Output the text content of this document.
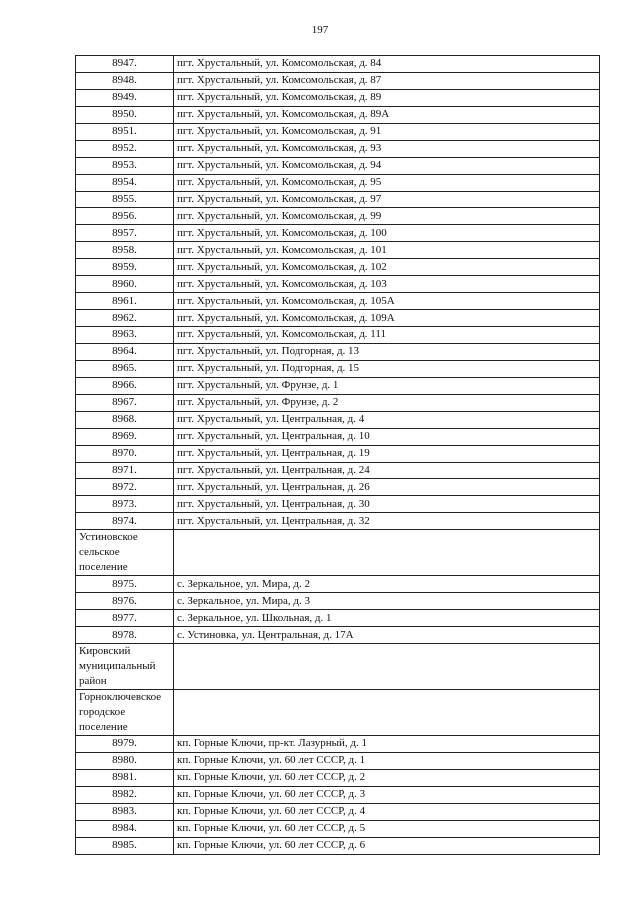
197
8947.	пгт. Хрустальный, ул. Комсомольская, д. 84
8948.	пгт. Хрустальный, ул. Комсомольская, д. 87
8949.	пгт. Хрустальный, ул. Комсомольская, д. 89
8950.	пгт. Хрустальный, ул. Комсомольская, д. 89А
8951.	пгт. Хрустальный, ул. Комсомольская, д. 91
8952.	пгт. Хрустальный, ул. Комсомольская, д. 93
8953.	пгт. Хрустальный, ул. Комсомольская, д. 94
8954.	пгт. Хрустальный, ул. Комсомольская, д. 95
8955.	пгт. Хрустальный, ул. Комсомольская, д. 97
8956.	пгт. Хрустальный, ул. Комсомольская, д. 99
8957.	пгт. Хрустальный, ул. Комсомольская, д. 100
8958.	пгт. Хрустальный, ул. Комсомольская, д. 101
8959.	пгт. Хрустальный, ул. Комсомольская, д. 102
8960.	пгт. Хрустальный, ул. Комсомольская, д. 103
8961.	пгт. Хрустальный, ул. Комсомольская, д. 105А
8962.	пгт. Хрустальный, ул. Комсомольская, д. 109А
8963.	пгт. Хрустальный, ул. Комсомольская, д. 111
8964.	пгт. Хрустальный, ул. Подгорная, д. 13
8965.	пгт. Хрустальный, ул. Подгорная, д. 15
8966.	пгт. Хрустальный, ул. Фрунзе, д. 1
8967.	пгт. Хрустальный, ул. Фрунзе, д. 2
8968.	пгт. Хрустальный, ул. Центральная, д. 4
8969.	пгт. Хрустальный, ул. Центральная, д. 10
8970.	пгт. Хрустальный, ул. Центральная, д. 19
8971.	пгт. Хрустальный, ул. Центральная, д. 24
8972.	пгт. Хрустальный, ул. Центральная, д. 26
8973.	пгт. Хрустальный, ул. Центральная, д. 30
8974.	пгт. Хрустальный, ул. Центральная, д. 32

Устиновское
сельское
поселение	

8975.	с. Зеркальное, ул. Мира, д. 2
8976.	с. Зеркальное, ул. Мира, д. 3
8977.	с. Зеркальное, ул. Школьная, д. 1
8978.	с. Устиновка, ул. Центральная, д. 17А

Кировский
муниципальный
район	

Горноключевское
городское
поселение	

8979.	кп. Горные Ключи, пр-кт. Лазурный, д. 1
8980.	кп. Горные Ключи, ул. 60 лет СССР, д. 1
8981.	кп. Горные Ключи, ул. 60 лет СССР, д. 2
8982.	кп. Горные Ключи, ул. 60 лет СССР, д. 3
8983.	кп. Горные Ключи, ул. 60 лет СССР, д. 4
8984.	кп. Горные Ключи, ул. 60 лет СССР, д. 5
8985.	кп. Горные Ключи, ул. 60 лет СССР, д. 6
